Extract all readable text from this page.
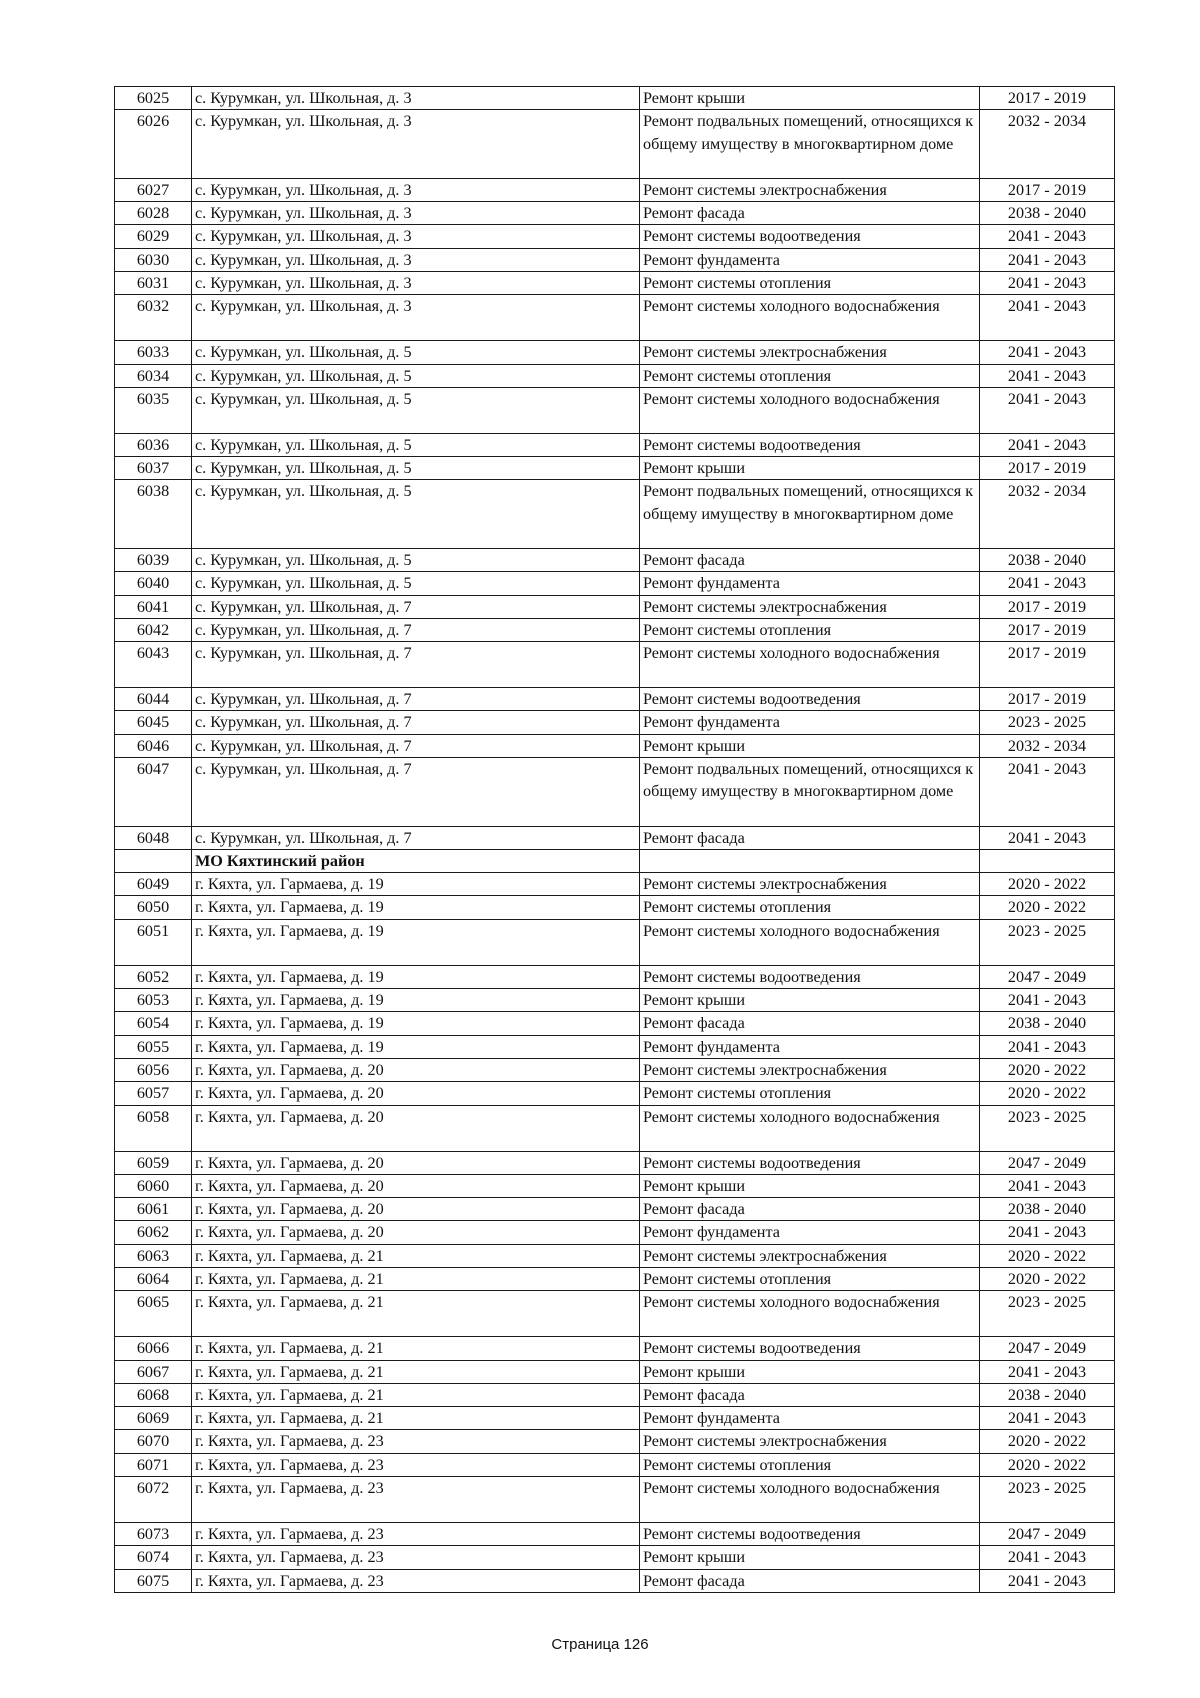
6025	с. Курумкан, ул. Школьная, д. 3	Ремонт крыши	2017 - 2019
6026	с. Курумкан, ул. Школьная, д. 3	Ремонт подвальных помещений, относящихся к общему имуществу в многоквартирном доме	2032 - 2034
6027	с. Курумкан, ул. Школьная, д. 3	Ремонт системы электроснабжения	2017 - 2019
6028	с. Курумкан, ул. Школьная, д. 3	Ремонт фасада	2038 - 2040
6029	с. Курумкан, ул. Школьная, д. 3	Ремонт системы водоотведения	2041 - 2043
6030	с. Курумкан, ул. Школьная, д. 3	Ремонт фундамента	2041 - 2043
6031	с. Курумкан, ул. Школьная, д. 3	Ремонт системы отопления	2041 - 2043
6032	с. Курумкан, ул. Школьная, д. 3	Ремонт системы холодного водоснабжения	2041 - 2043
6033	с. Курумкан, ул. Школьная, д. 5	Ремонт системы электроснабжения	2041 - 2043
6034	с. Курумкан, ул. Школьная, д. 5	Ремонт системы отопления	2041 - 2043
6035	с. Курумкан, ул. Школьная, д. 5	Ремонт системы холодного водоснабжения	2041 - 2043
6036	с. Курумкан, ул. Школьная, д. 5	Ремонт системы водоотведения	2041 - 2043
6037	с. Курумкан, ул. Школьная, д. 5	Ремонт крыши	2017 - 2019
6038	с. Курумкан, ул. Школьная, д. 5	Ремонт подвальных помещений, относящихся к общему имуществу в многоквартирном доме	2032 - 2034
6039	с. Курумкан, ул. Школьная, д. 5	Ремонт фасада	2038 - 2040
6040	с. Курумкан, ул. Школьная, д. 5	Ремонт фундамента	2041 - 2043
6041	с. Курумкан, ул. Школьная, д. 7	Ремонт системы электроснабжения	2017 - 2019
6042	с. Курумкан, ул. Школьная, д. 7	Ремонт системы отопления	2017 - 2019
6043	с. Курумкан, ул. Школьная, д. 7	Ремонт системы холодного водоснабжения	2017 - 2019
6044	с. Курумкан, ул. Школьная, д. 7	Ремонт системы водоотведения	2017 - 2019
6045	с. Курумкан, ул. Школьная, д. 7	Ремонт фундамента	2023 - 2025
6046	с. Курумкан, ул. Школьная, д. 7	Ремонт крыши	2032 - 2034
6047	с. Курумкан, ул. Школьная, д. 7	Ремонт подвальных помещений, относящихся к общему имуществу в многоквартирном доме	2041 - 2043
6048	с. Курумкан, ул. Школьная, д. 7	Ремонт фасада	2041 - 2043
	МО Кяхтинский район		
6049	г. Кяхта, ул. Гармаева, д. 19	Ремонт системы электроснабжения	2020 - 2022
6050	г. Кяхта, ул. Гармаева, д. 19	Ремонт системы отопления	2020 - 2022
6051	г. Кяхта, ул. Гармаева, д. 19	Ремонт системы холодного водоснабжения	2023 - 2025
6052	г. Кяхта, ул. Гармаева, д. 19	Ремонт системы водоотведения	2047 - 2049
6053	г. Кяхта, ул. Гармаева, д. 19	Ремонт крыши	2041 - 2043
6054	г. Кяхта, ул. Гармаева, д. 19	Ремонт фасада	2038 - 2040
6055	г. Кяхта, ул. Гармаева, д. 19	Ремонт фундамента	2041 - 2043
6056	г. Кяхта, ул. Гармаева, д. 20	Ремонт системы электроснабжения	2020 - 2022
6057	г. Кяхта, ул. Гармаева, д. 20	Ремонт системы отопления	2020 - 2022
6058	г. Кяхта, ул. Гармаева, д. 20	Ремонт системы холодного водоснабжения	2023 - 2025
6059	г. Кяхта, ул. Гармаева, д. 20	Ремонт системы водоотведения	2047 - 2049
6060	г. Кяхта, ул. Гармаева, д. 20	Ремонт крыши	2041 - 2043
6061	г. Кяхта, ул. Гармаева, д. 20	Ремонт фасада	2038 - 2040
6062	г. Кяхта, ул. Гармаева, д. 20	Ремонт фундамента	2041 - 2043
6063	г. Кяхта, ул. Гармаева, д. 21	Ремонт системы электроснабжения	2020 - 2022
6064	г. Кяхта, ул. Гармаева, д. 21	Ремонт системы отопления	2020 - 2022
6065	г. Кяхта, ул. Гармаева, д. 21	Ремонт системы холодного водоснабжения	2023 - 2025
6066	г. Кяхта, ул. Гармаева, д. 21	Ремонт системы водоотведения	2047 - 2049
6067	г. Кяхта, ул. Гармаева, д. 21	Ремонт крыши	2041 - 2043
6068	г. Кяхта, ул. Гармаева, д. 21	Ремонт фасада	2038 - 2040
6069	г. Кяхта, ул. Гармаева, д. 21	Ремонт фундамента	2041 - 2043
6070	г. Кяхта, ул. Гармаева, д. 23	Ремонт системы электроснабжения	2020 - 2022
6071	г. Кяхта, ул. Гармаева, д. 23	Ремонт системы отопления	2020 - 2022
6072	г. Кяхта, ул. Гармаева, д. 23	Ремонт системы холодного водоснабжения	2023 - 2025
6073	г. Кяхта, ул. Гармаева, д. 23	Ремонт системы водоотведения	2047 - 2049
6074	г. Кяхта, ул. Гармаева, д. 23	Ремонт крыши	2041 - 2043
6075	г. Кяхта, ул. Гармаева, д. 23	Ремонт фасада	2041 - 2043
Страница 126
